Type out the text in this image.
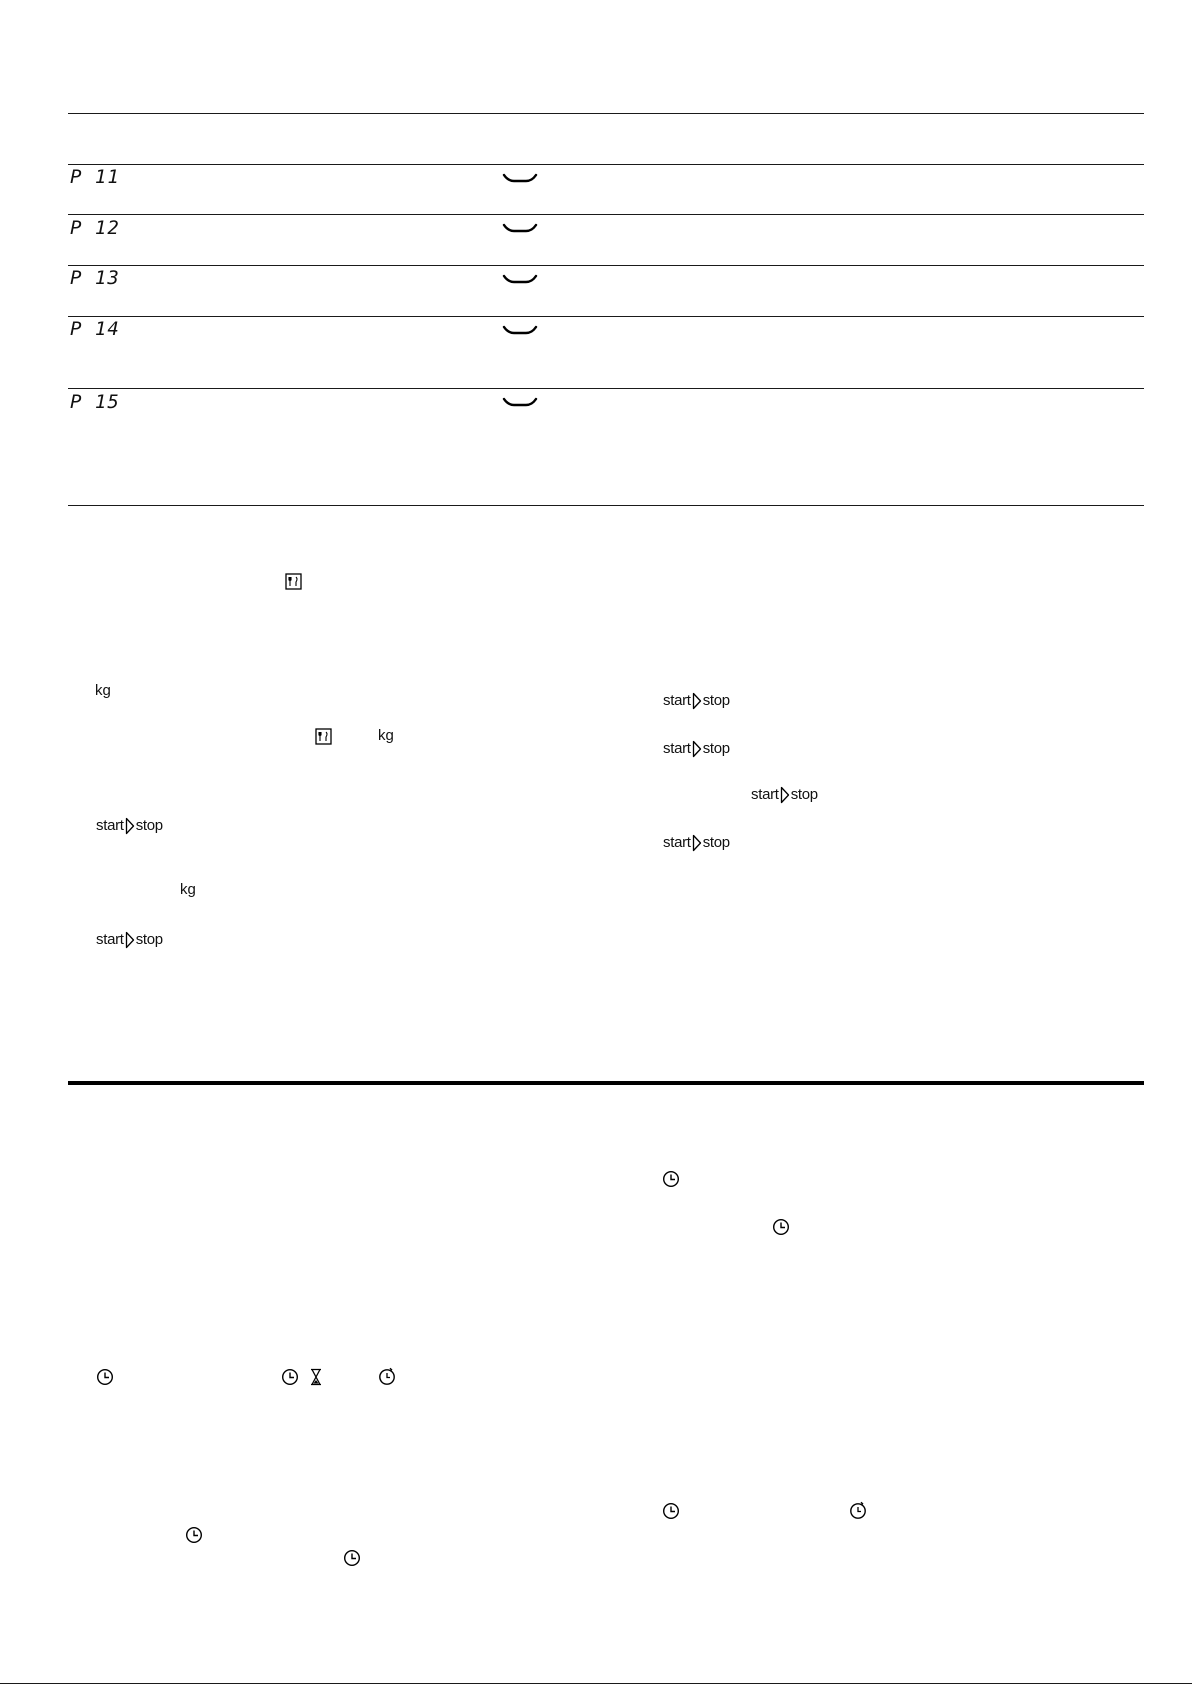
P 11
P 12
P 13
P 14
P 15
kg
kg
start stop
kg
start stop
start stop
start stop
start stop
start stop
